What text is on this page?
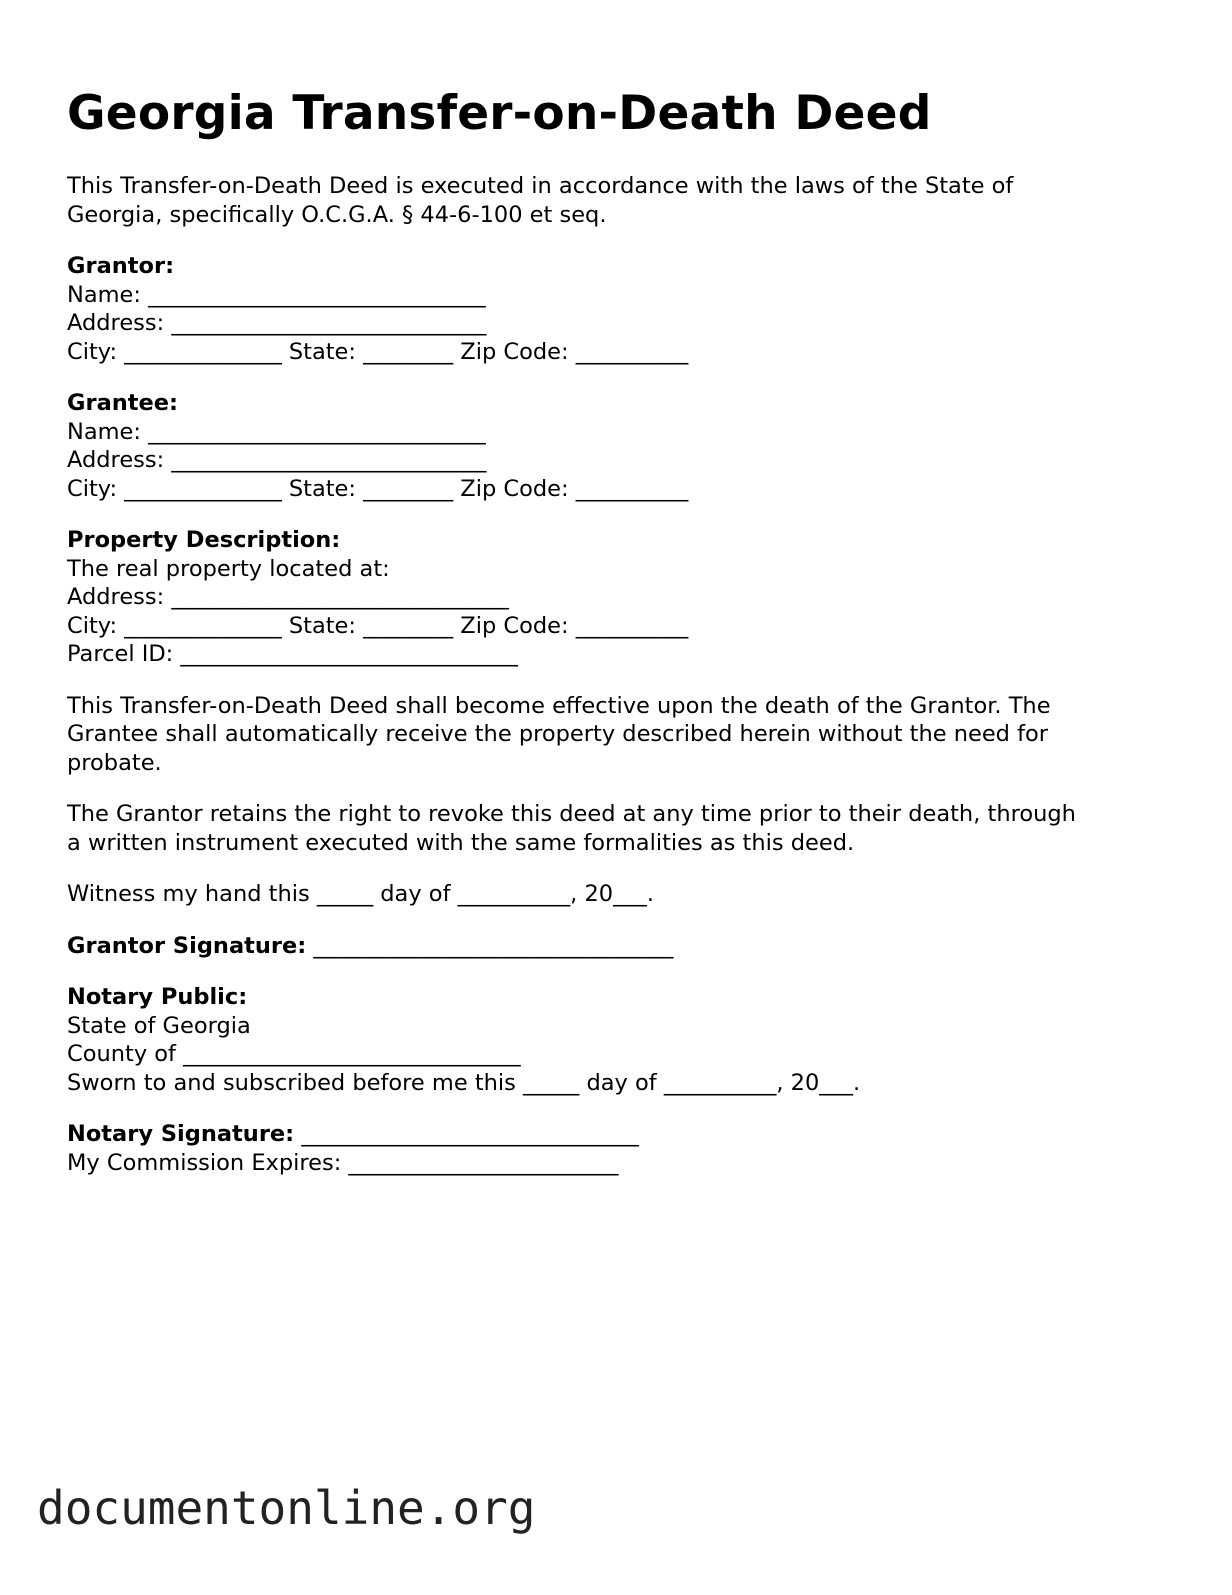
Georgia Transfer-on-Death Deed

This Transfer-on-Death Deed is executed in accordance with the laws of the State of
Georgia, specifically O.C.G.A. § 44-6-100 et seq.

Grantor:
Name: ______________________________
Address: ____________________________
City: ______________ State: ________ Zip Code: __________
Grantee:
Name: ______________________________
Address: ____________________________
City: ______________ State: ________ Zip Code: __________
Property Description:
The real property located at:
Address: ______________________________
City: ______________ State: ________ Zip Code: __________
Parcel ID: ______________________________

This Transfer-on-Death Deed shall become effective upon the death of the Grantor. The
Grantee shall automatically receive the property described herein without the need for
probate.

The Grantor retains the right to revoke this deed at any time prior to their death, through
a written instrument executed with the same formalities as this deed.

Witness my hand this _____ day of __________, 20___.

Grantor Signature: ________________________________

Notary Public:
State of Georgia
County of ______________________________
Sworn to and subscribed before me this _____ day of __________, 20___.
Notary Signature: ______________________________
My Commission Expires: ________________________
documentonline.org
